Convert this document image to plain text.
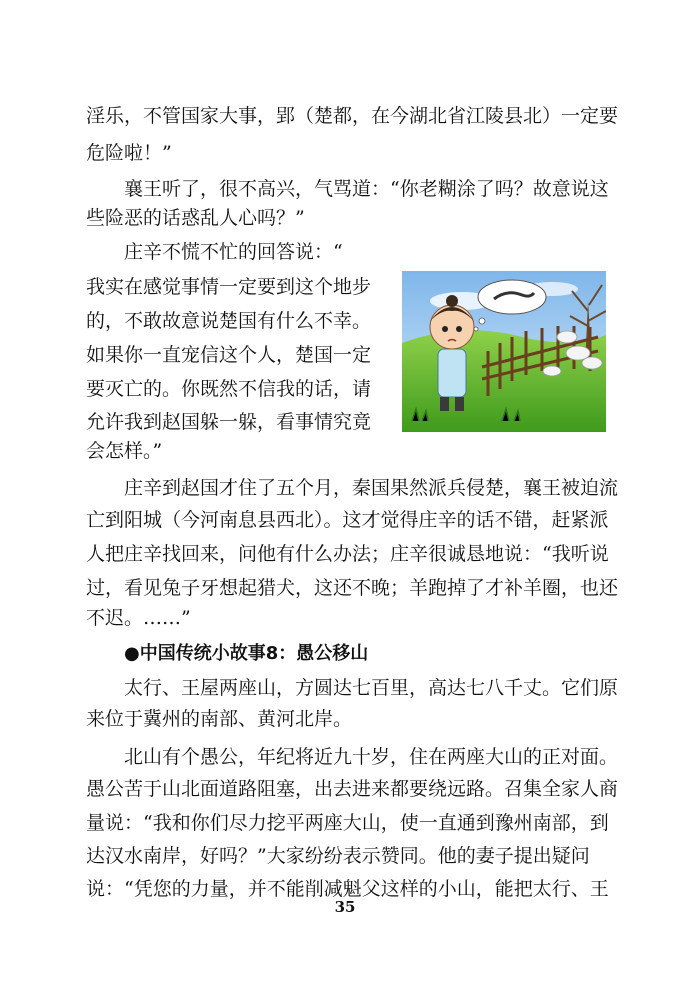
淫乐，不管国家大事，郢（楚都，在今湖北省江陵县北）一定要
危险啦！”
襄王听了，很不高兴，气骂道：“你老糊涂了吗？故意说这
些险恶的话惑乱人心吗？”
庄辛不慌不忙的回答说：“
我实在感觉事情一定要到这个地步
的，不敢故意说楚国有什么不幸。
如果你一直宠信这个人，楚国一定
要灭亡的。你既然不信我的话，请
允许我到赵国躲一躲，看事情究竟
会怎样。”
庄辛到赵国才住了五个月，秦国果然派兵侵楚，襄王被迫流
亡到阳城（今河南息县西北）。这才觉得庄辛的话不错，赶紧派
人把庄辛找回来，问他有什么办法；庄辛很诚恳地说：“我听说
过，看见兔子牙想起猎犬，这还不晚；羊跑掉了才补羊圈，也还
不迟。……”
●中国传统小故事8：愚公移山
太行、王屋两座山，方圆达七百里，高达七八千丈。它们原
来位于冀州的南部、黄河北岸。
北山有个愚公，年纪将近九十岁，住在两座大山的正对面。
愚公苦于山北面道路阻塞，出去进来都要绕远路。召集全家人商
量说：“我和你们尽力挖平两座大山，使一直通到豫州南部，到
达汉水南岸，好吗？”大家纷纷表示赞同。他的妻子提出疑问
说：“凭您的力量，并不能削减魁父这样的小山，能把太行、王
35
